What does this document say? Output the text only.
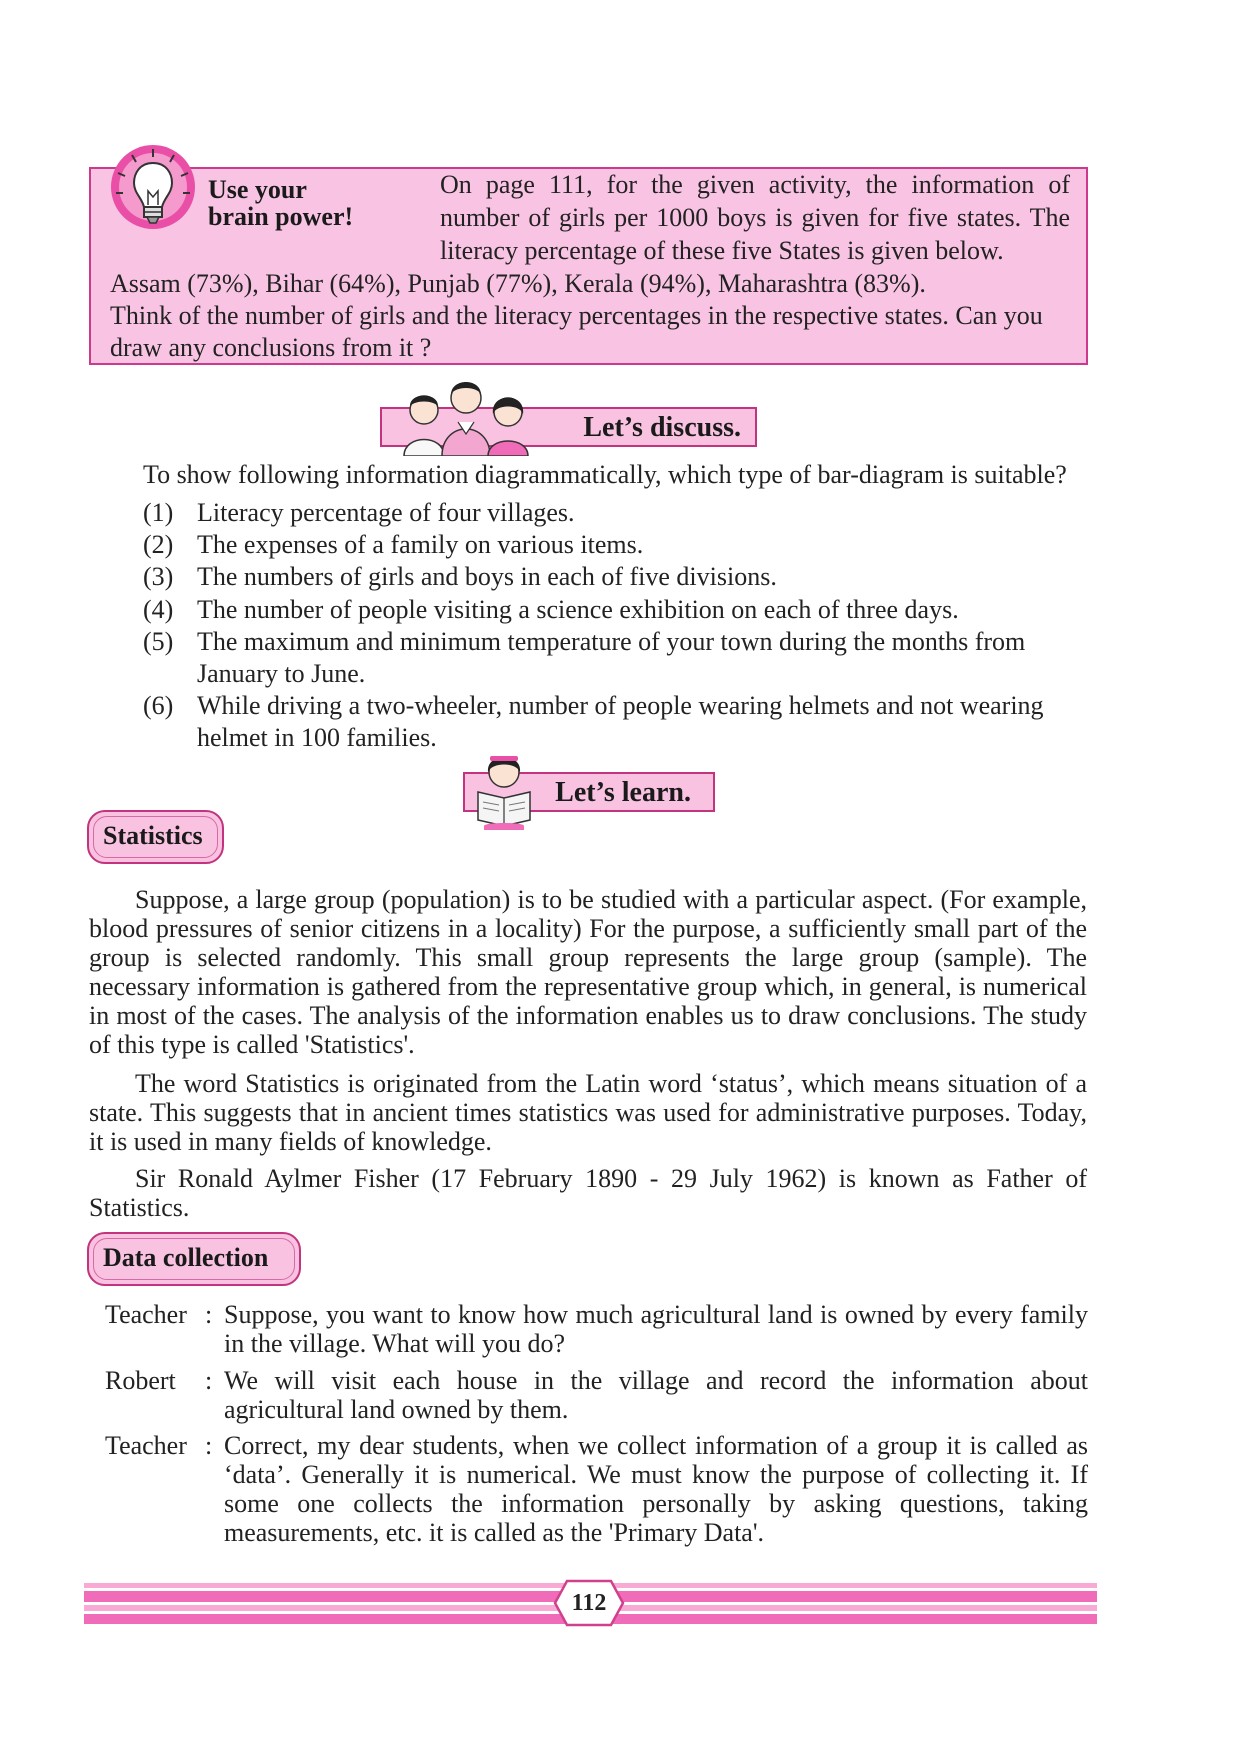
Use your
brain power!
On page 111, for the given activity, the information of number of girls per 1000 boys is given for five states. The literacy percentage of these five States is given below.
Assam (73%), Bihar (64%), Punjab (77%), Kerala (94%), Maharashtra (83%).
Think of the number of girls and the literacy percentages in the respective states. Can you draw any conclusions from it ?
Let’s discuss.
To show following information diagrammatically, which type of bar-diagram is suitable?
(1) Literacy percentage of four villages.
(2) The expenses of a family on various items.
(3) The numbers of girls and boys in each of five divisions.
(4) The number of people visiting a science exhibition on each of three days.
(5) The maximum and minimum temperature of your town during the months from January to June.
(6) While driving a two-wheeler, number of people wearing helmets and not wearing helmet in 100 families.
Let’s learn.
Statistics
Suppose, a large group (population) is to be studied with a particular aspect. (For example, blood pressures of senior citizens in a locality) For the purpose, a sufficiently small part of the group is selected randomly. This small group represents the large group (sample). The necessary information is gathered from the representative group which, in general, is numerical in most of the cases. The analysis of the information enables us to draw conclusions. The study of this type is called 'Statistics'.
The word Statistics is originated from the Latin word ‘status’, which means situation of a state. This suggests that in ancient times statistics was used for administrative purposes. Today, it is used in many fields of knowledge.
Sir Ronald Aylmer Fisher (17 February 1890 - 29 July 1962) is known as Father of Statistics.
Data collection
Teacher : Suppose, you want to know how much agricultural land is owned by every family in the village. What will you do?
Robert	: We will visit each house in the village and record the information about agricultural land owned by them.
Teacher : Correct, my dear students, when we collect information of a group it is called as ‘data’. Generally it is numerical. We must know the purpose of collecting it. If some one collects the information personally by asking questions, taking measurements, etc. it is called as the 'Primary Data'.
112
